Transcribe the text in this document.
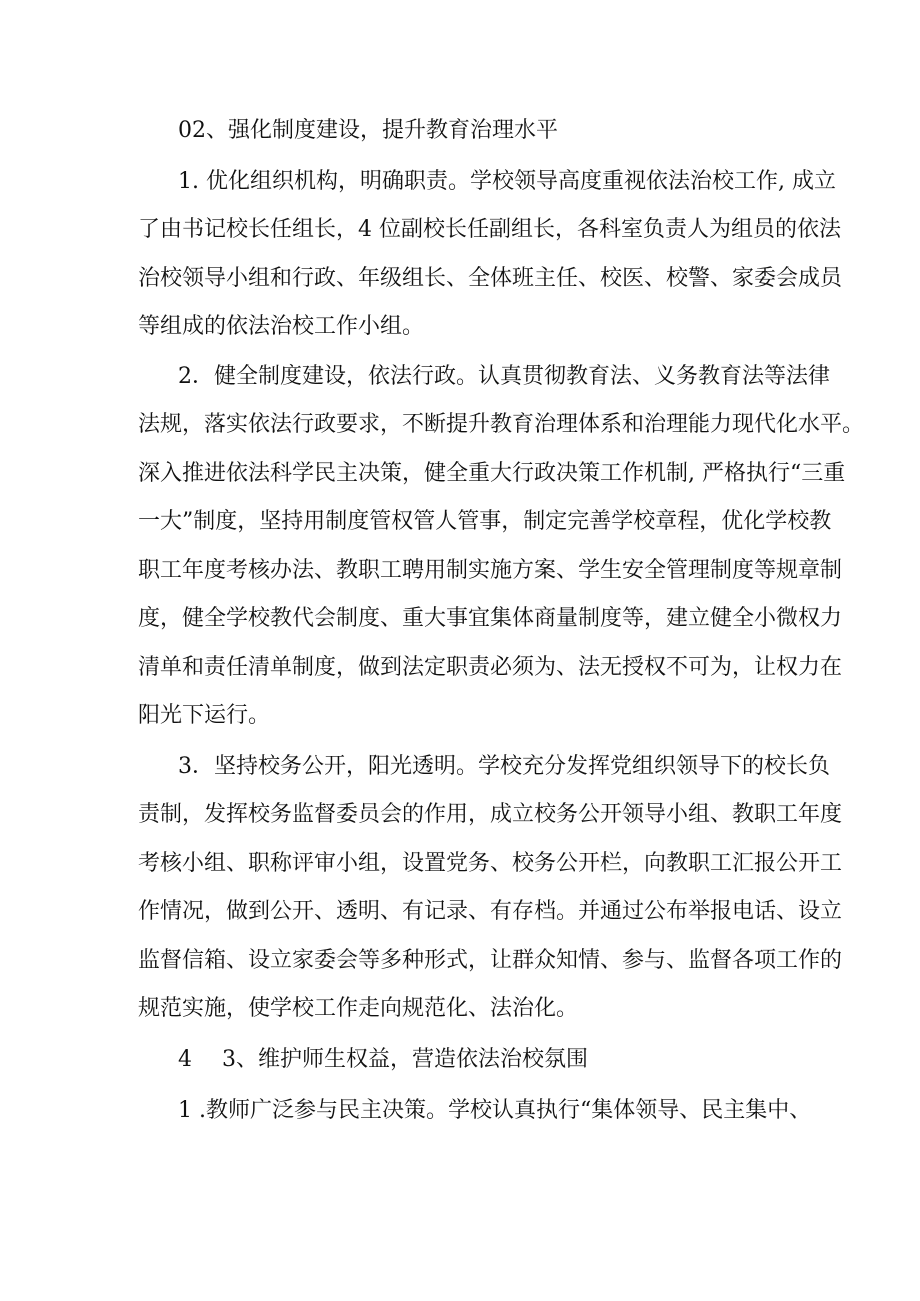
02、强化制度建设，提升教育治理水平
1. 优化组织机构，明确职责。学校领导高度重视依法治校工作, 成立
了由书记校长任组长，4 位副校长任副组长，各科室负责人为组员的依法
治校领导小组和行政、年级组长、全体班主任、校医、校警、家委会成员
等组成的依法治校工作小组。
2．健全制度建设，依法行政。认真贯彻教育法、义务教育法等法律
法规，落实依法行政要求，不断提升教育治理体系和治理能力现代化水平。
深入推进依法科学民主决策，健全重大行政决策工作机制, 严格执行“三重
一大”制度，坚持用制度管权管人管事，制定完善学校章程，优化学校教
职工年度考核办法、教职工聘用制实施方案、学生安全管理制度等规章制
度，健全学校教代会制度、重大事宜集体商量制度等，建立健全小微权力
清单和责任清单制度，做到法定职责必须为、法无授权不可为，让权力在
阳光下运行。
3．坚持校务公开，阳光透明。学校充分发挥党组织领导下的校长负
责制，发挥校务监督委员会的作用，成立校务公开领导小组、教职工年度
考核小组、职称评审小组，设置党务、校务公开栏，向教职工汇报公开工
作情况，做到公开、透明、有记录、有存档。并通过公布举报电话、设立
监督信箱、设立家委会等多种形式，让群众知情、参与、监督各项工作的
规范实施，使学校工作走向规范化、法治化。
4 3、维护师生权益，营造依法治校氛围
1 .教师广泛参与民主决策。学校认真执行“集体领导、民主集中、
